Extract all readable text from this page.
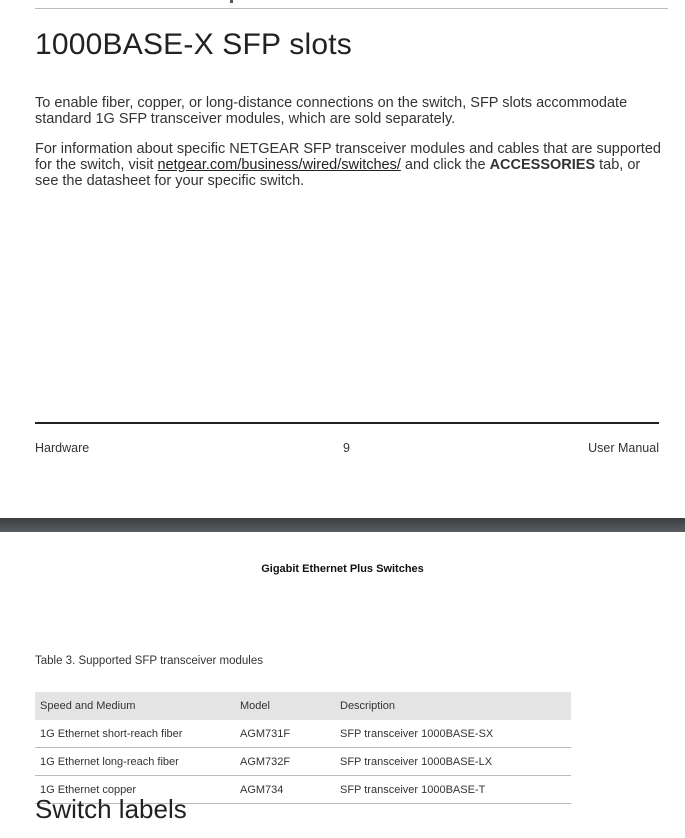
1000BASE-X SFP slots

To enable fiber, copper, or long-distance connections on the switch, SFP slots accommodate standard 1G SFP transceiver modules, which are sold separately.

For information about specific NETGEAR SFP transceiver modules and cables that are supported for the switch, visit netgear.com/business/wired/switches/ and click the ACCESSORIES tab, or see the datasheet for your specific switch.

Hardware	9	User Manual
Gigabit Ethernet Plus Switches
Table 3. Supported SFP transceiver modules
Speed and Medium	Model	Description
1G Ethernet short-reach fiber	AGM731F	SFP transceiver 1000BASE-SX
1G Ethernet long-reach fiber	AGM732F	SFP transceiver 1000BASE-LX
1G Ethernet copper	AGM734	SFP transceiver 1000BASE-T
Switch labels
